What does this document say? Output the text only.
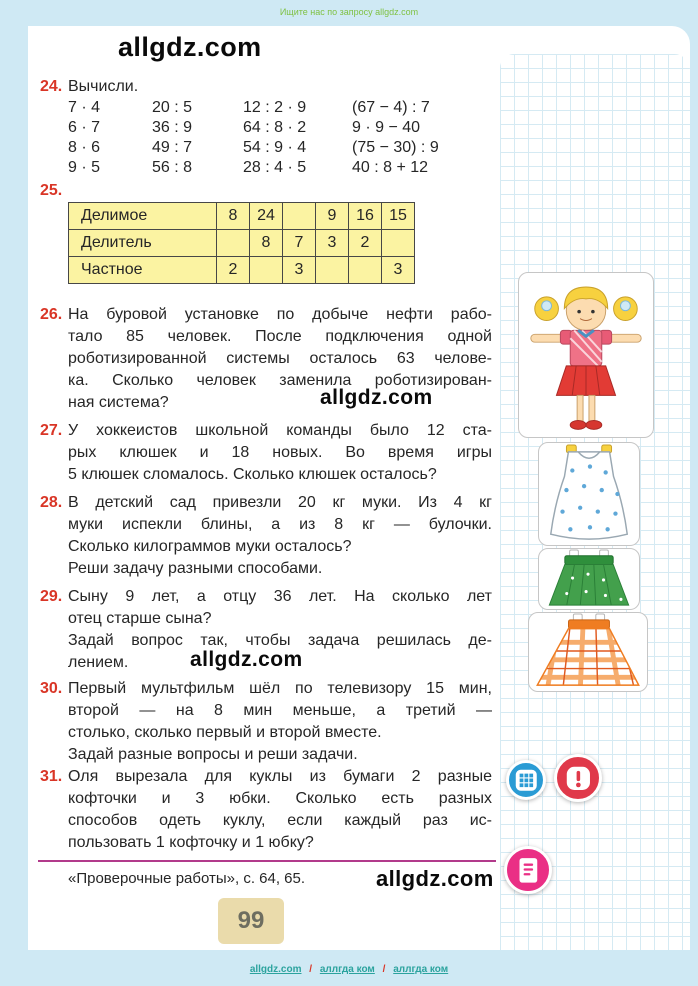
Ищите нас по запросу allgdz.com
allgdz.com
24. Вычисли.
7 · 4	20 : 5	12 : 2 · 9	(67 − 4) : 7
6 · 7	36 : 9	64 : 8 · 2	9 · 9 − 40
8 · 6	49 : 7	54 : 9 · 4	(75 − 30) : 9
9 · 5	56 : 8	28 : 4 · 5	40 : 8 + 12
25.
Делимое	8	24		9	16	15
Делитель		8	7	3	2	
Частное	2		3			3
26. На буровой установке по добыче нефти рабо-
тало 85 человек. После подключения одной
роботизированной системы осталось 63 челове-
ка. Сколько человек заменила роботизирован-
ная система?	allgdz.com
27. У хоккеистов школьной команды было 12 ста-
рых клюшек и 18 новых. Во время игры
5 клюшек сломалось. Сколько клюшек осталось?
28. В детский сад привезли 20 кг муки. Из 4 кг
муки испекли блины, а из 8 кг — булочки.
Сколько килограммов муки осталось?
Реши задачу разными способами.
29. Сыну 9 лет, а отцу 36 лет. На сколько лет
отец старше сына?
Задай вопрос так, чтобы задача решилась де-
лением.	allgdz.com
30. Первый мультфильм шёл по телевизору 15 мин,
второй — на 8 мин меньше, а третий —
столько, сколько первый и второй вместе.
Задай разные вопросы и реши задачи.
31. Оля вырезала для куклы из бумаги 2 разные
кофточки и 3 юбки. Сколько есть разных
способов одеть куклу, если каждый раз ис-
пользовать 1 кофточку и 1 юбку?
«Проверочные работы», с. 64, 65.	allgdz.com
99
allgdz.com / аллгда ком / аллгда ком
